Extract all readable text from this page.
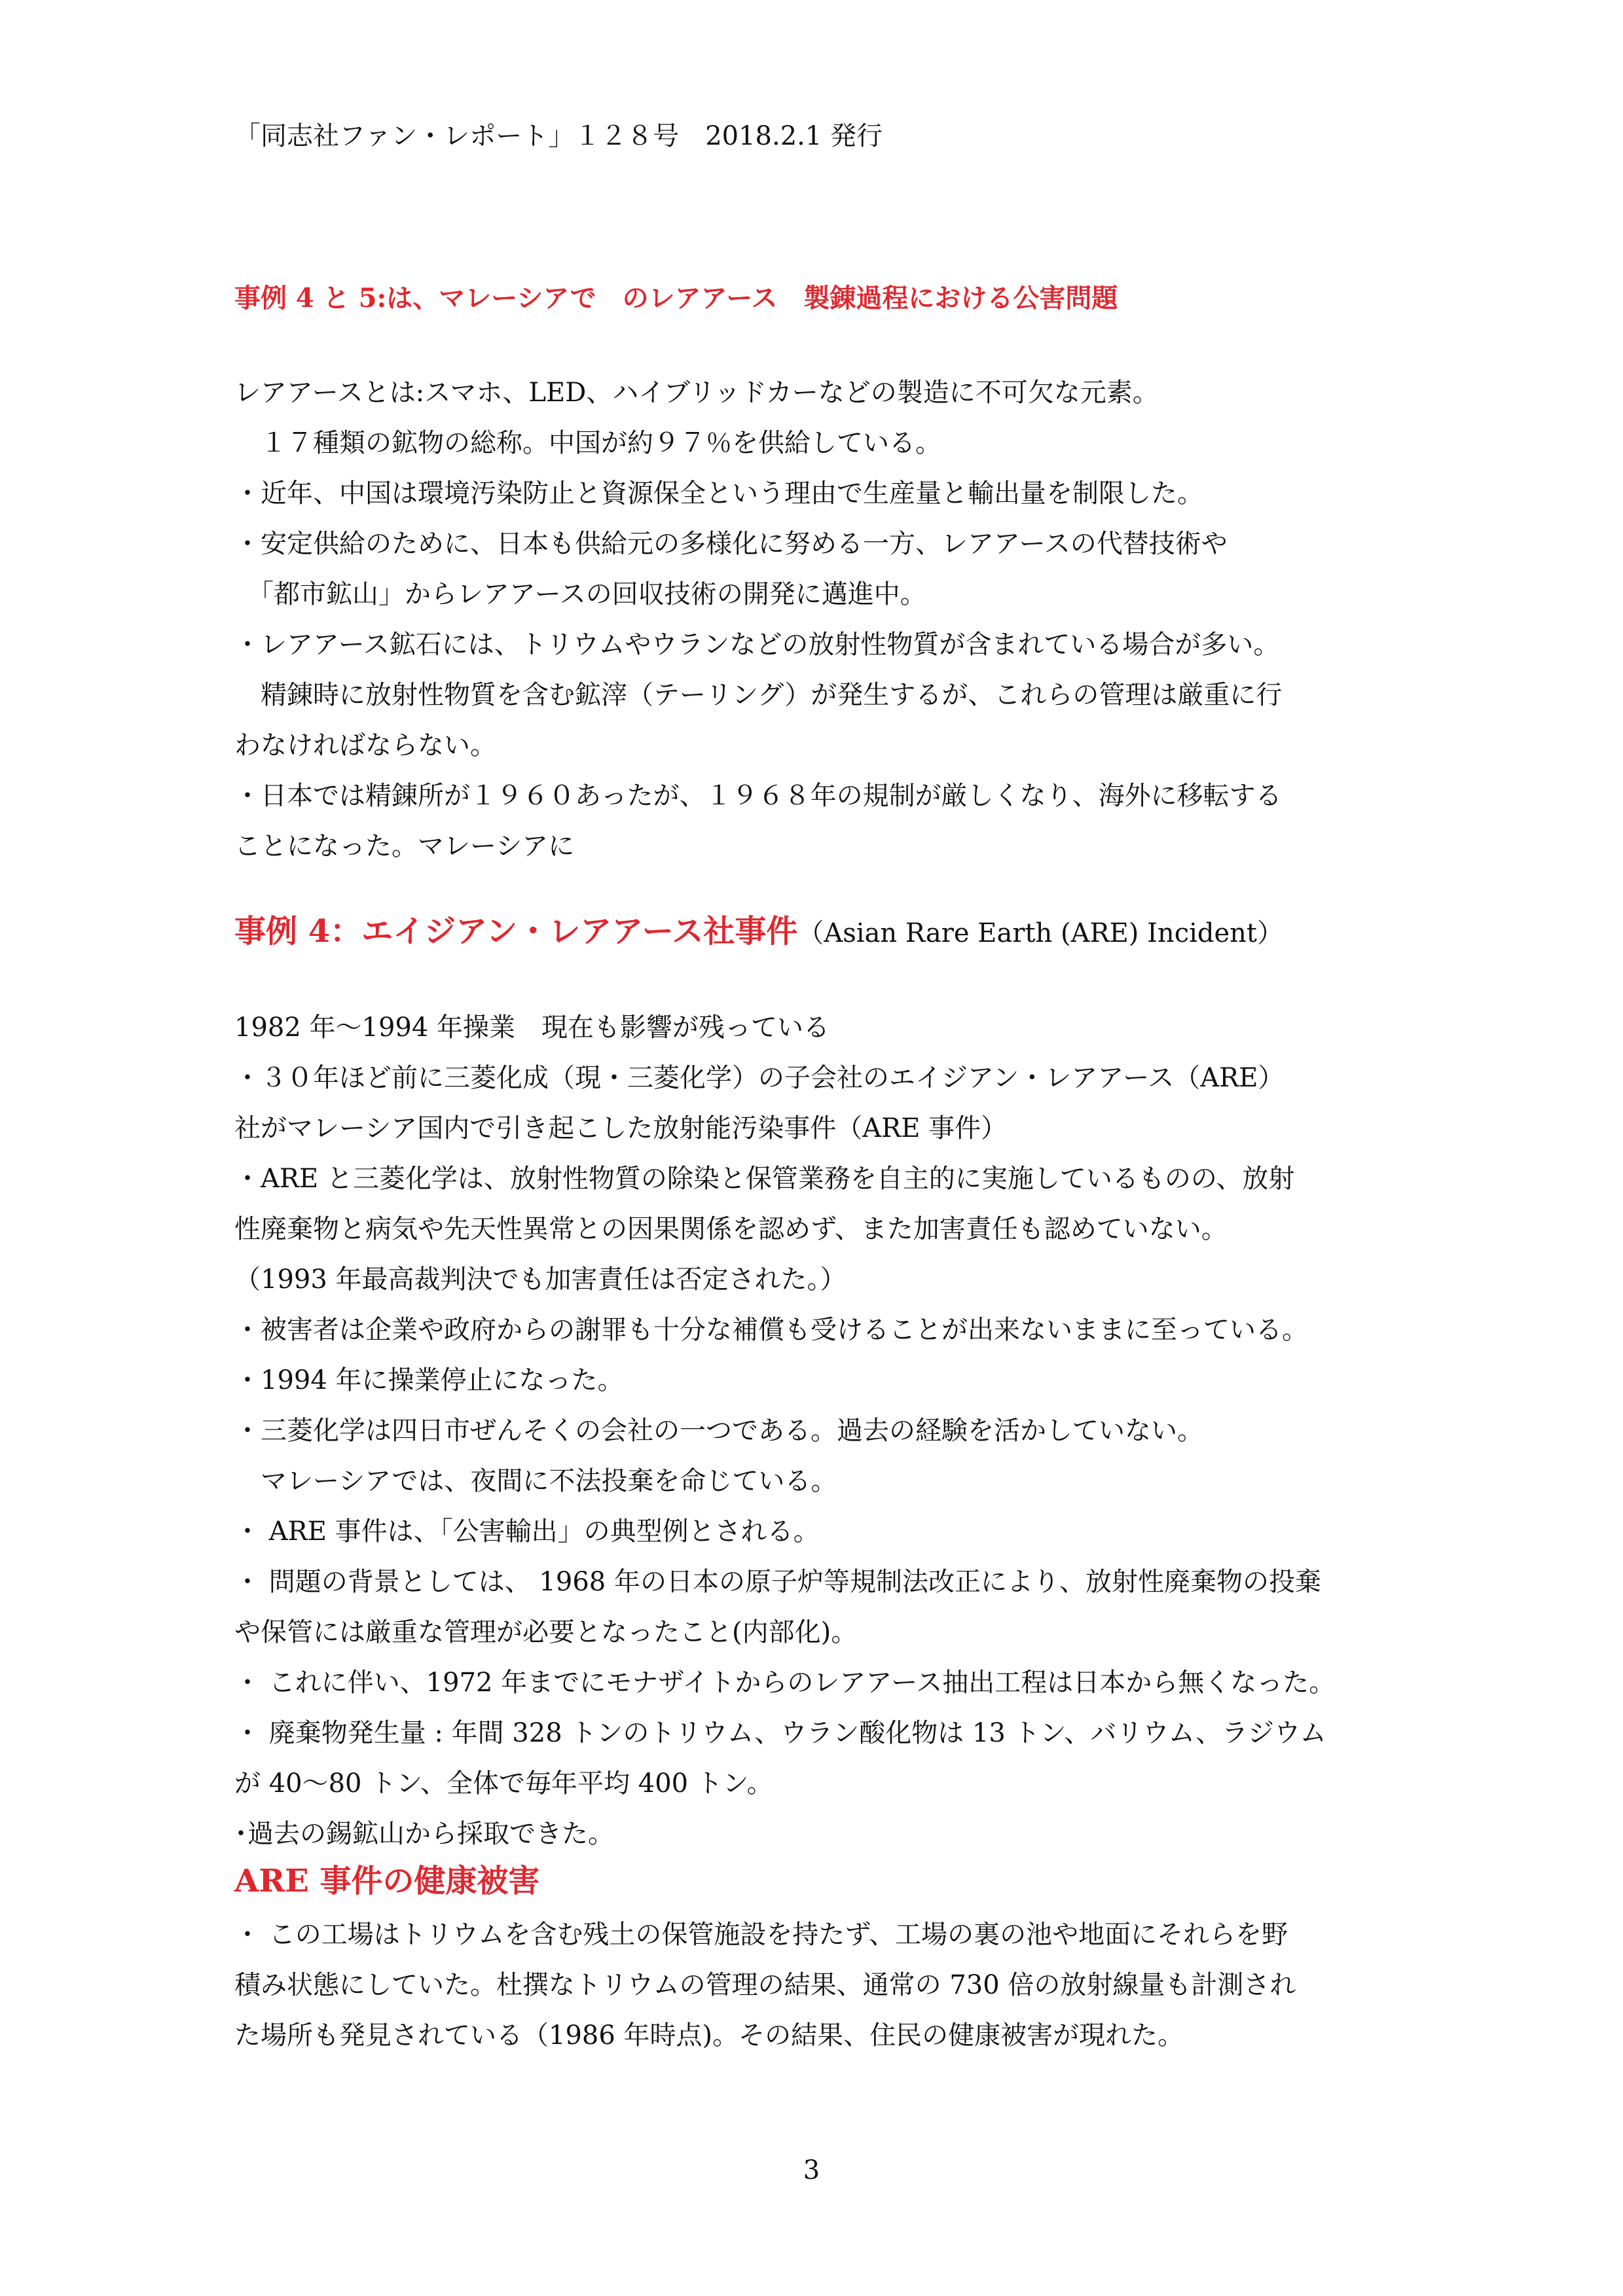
「同志社ファン・レポート」１２８号　2018.2.1 発行
事例 4 と 5:は、マレーシアで　のレアアース　製錬過程における公害問題
レアアースとは:スマホ、LED、ハイブリッドカーなどの製造に不可欠な元素。
　１７種類の鉱物の総称。中国が約９７％を供給している。
・近年、中国は環境汚染防止と資源保全という理由で生産量と輸出量を制限した。
・安定供給のために、日本も供給元の多様化に努める一方、レアアースの代替技術や
　「都市鉱山」からレアアースの回収技術の開発に邁進中。
・レアアース鉱石には、トリウムやウランなどの放射性物質が含まれている場合が多い。
　精錬時に放射性物質を含む鉱滓（テーリング）が発生するが、これらの管理は厳重に行
わなければならない。
・日本では精錬所が１９６０あったが、１９６８年の規制が厳しくなり、海外に移転する
ことになった。マレーシアに
事例 4：エイジアン・レアアース社事件（Asian Rare Earth (ARE) Incident）
1982 年〜1994 年操業　現在も影響が残っている
・３０年ほど前に三菱化成（現・三菱化学）の子会社のエイジアン・レアアース（ARE）
社がマレーシア国内で引き起こした放射能汚染事件（ARE 事件）
・ARE と三菱化学は、放射性物質の除染と保管業務を自主的に実施しているものの、放射
性廃棄物と病気や先天性異常との因果関係を認めず、また加害責任も認めていない。
（1993 年最高裁判決でも加害責任は否定された。）
・被害者は企業や政府からの謝罪も十分な補償も受けることが出来ないままに至っている。
・1994 年に操業停止になった。
・三菱化学は四日市ぜんそくの会社の一つである。過去の経験を活かしていない。
　マレーシアでは、夜間に不法投棄を命じている。
・ ARE 事件は、「公害輸出」の典型例とされる。
・ 問題の背景としては、 1968 年の日本の原子炉等規制法改正により、放射性廃棄物の投棄
や保管には厳重な管理が必要となったこと(内部化)。
・ これに伴い、1972 年までにモナザイトからのレアアース抽出工程は日本から無くなった。
・ 廃棄物発生量 : 年間 328 トンのトリウム、ウラン酸化物は 13 トン、バリウム、ラジウム
が 40〜80 トン、全体で毎年平均 400 トン。
･過去の錫鉱山から採取できた。
ARE 事件の健康被害
・ この工場はトリウムを含む残土の保管施設を持たず、工場の裏の池や地面にそれらを野
積み状態にしていた。杜撰なトリウムの管理の結果、通常の 730 倍の放射線量も計測され
た場所も発見されている（1986 年時点)。その結果、住民の健康被害が現れた。
3
